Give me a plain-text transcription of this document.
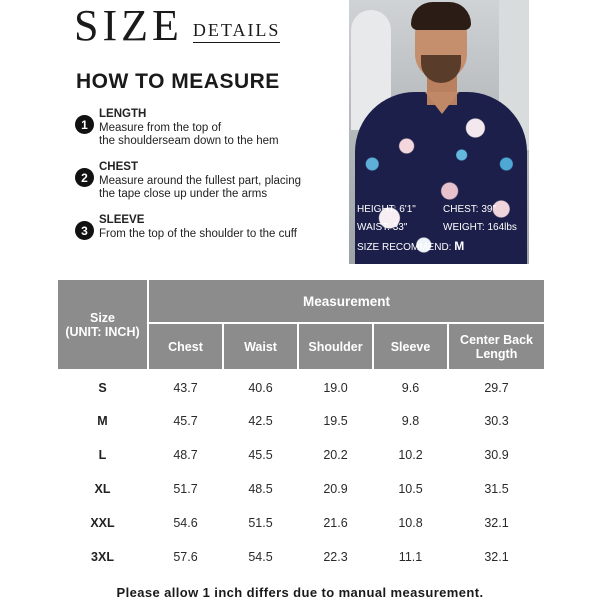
SIZE DETAILS
HOW TO MEASURE
1
LENGTH
Measure from the top of
the shoulderseam down to the hem
2
CHEST
Measure around the fullest part, placing
the tape close up under the arms
3
SLEEVE
From the top of the shoulder to the cuff
HEIGHT: 6'1"	CHEST: 39"
WAIST: 33"	WEIGHT: 164lbs
SIZE RECOMMEND: M
Size
(UNIT: INCH)	Measurement				
	Chest	Waist	Shoulder	Sleeve	Center Back Length
S	43.7	40.6	19.0	9.6	29.7
M	45.7	42.5	19.5	9.8	30.3
L	48.7	45.5	20.2	10.2	30.9
XL	51.7	48.5	20.9	10.5	31.5
XXL	54.6	51.5	21.6	10.8	32.1
3XL	57.6	54.5	22.3	11.1	32.1
Please allow 1 inch differs due to manual measurement.
